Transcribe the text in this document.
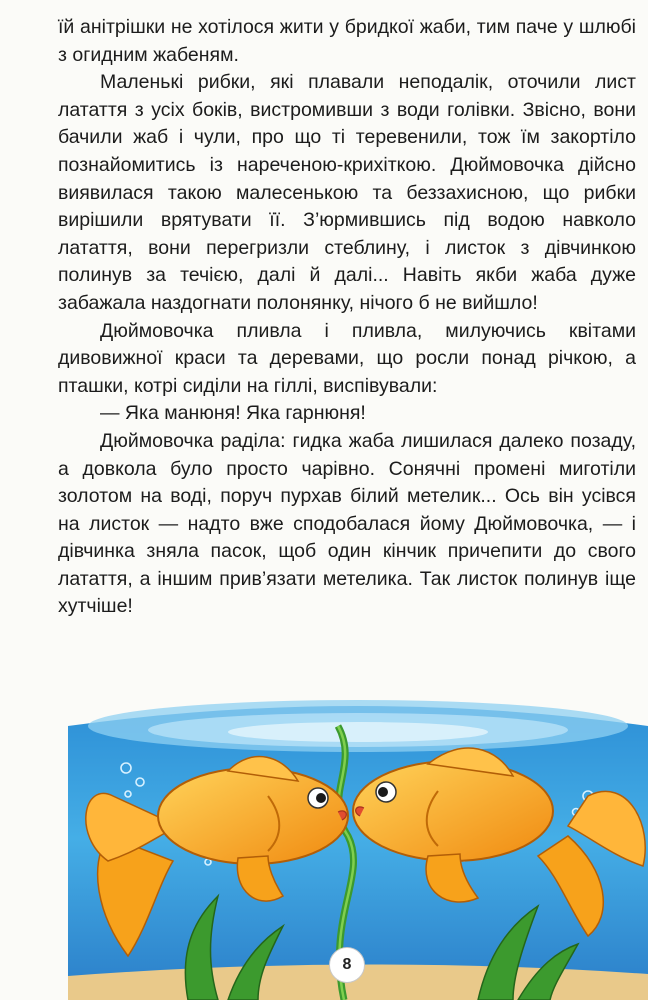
їй анітрішки не хотілося жити у бридкої жаби, тим паче у шлюбі з огидним жабеням.

Маленькі рибки, які плавали неподалік, оточили лист латаття з усіх боків, вистромивши з води голівки. Звісно, вони бачили жаб і чули, про що ті теревенили, тож їм закортіло познайомитись із нареченою-крихіткою. Дюймовочка дійсно виявилася такою малесенькою та беззахисною, що рибки вирішили врятувати її. З’юрмившись під водою навколо латаття, вони перегризли стеблину, і листок з дівчинкою полинув за течією, далі й далі... Навіть якби жаба дуже забажала наздогнати полонянку, нічого б не вийшло!

Дюймовочка пливла і пливла, милуючись квітами дивовижної краси та деревами, що росли понад річкою, а пташки, котрі сиділи на гіллі, виспівували:

— Яка манюня! Яка гарнюня!

Дюймовочка раділа: гидка жаба лишилася далеко позаду, а довкола було просто чарівно. Сонячні промені миготіли золотом на воді, поруч пурхав білий метелик... Ось він усівся на листок — надто вже сподобалася йому Дюймовочка, — і дівчинка зняла пасок, щоб один кінчик причепити до свого латаття, а іншим прив’язати метелика. Так листок полинув іще хутчіше!

8
